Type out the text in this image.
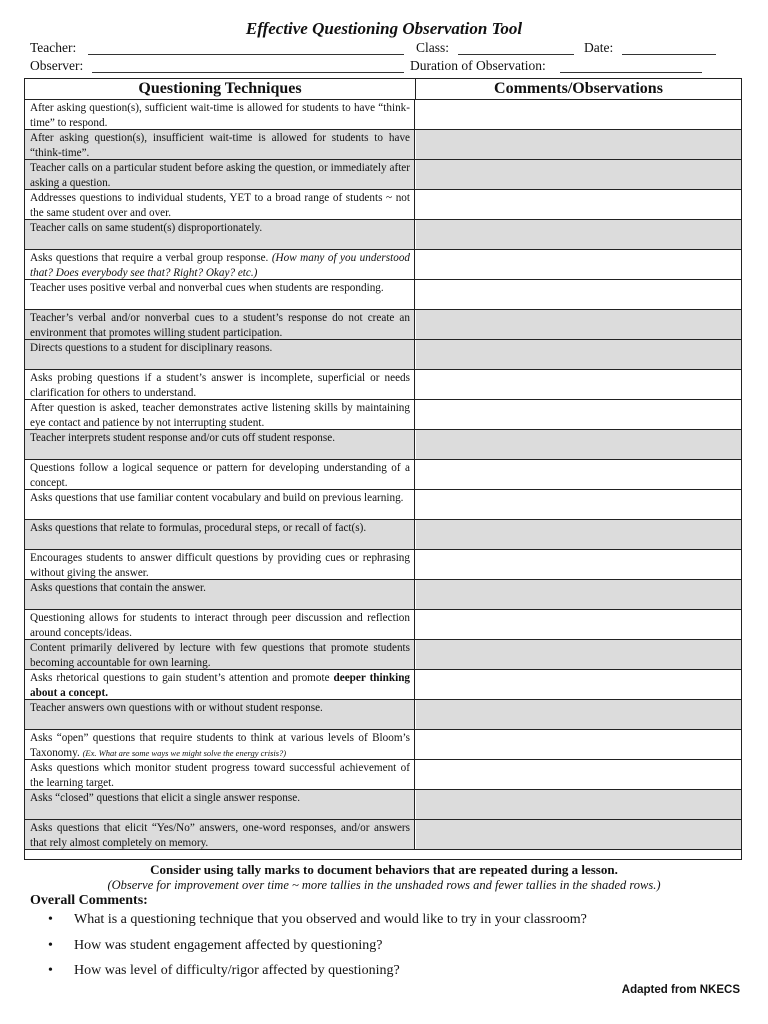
Effective Questioning Observation Tool
Teacher:	Class:	Date:
Observer:	Duration of Observation:
Questioning Techniques	Comments/Observations
After asking question(s), sufficient wait-time is allowed for students to have “think-time” to respond.
After asking question(s), insufficient wait-time is allowed for students to have “think-time”.
Teacher calls on a particular student before asking the question, or immediately after asking a question.
Addresses questions to individual students, YET to a broad range of students ~ not the same student over and over.
Teacher calls on same student(s) disproportionately.
Asks questions that require a verbal group response. (How many of you understood that? Does everybody see that? Right? Okay? etc.)
Teacher uses positive verbal and nonverbal cues when students are responding.
Teacher’s verbal and/or nonverbal cues to a student’s response do not create an environment that promotes willing student participation.
Directs questions to a student for disciplinary reasons.
Asks probing questions if a student’s answer is incomplete, superficial or needs clarification for others to understand.
After question is asked, teacher demonstrates active listening skills by maintaining eye contact and patience by not interrupting student.
Teacher interprets student response and/or cuts off student response.
Questions follow a logical sequence or pattern for developing understanding of a concept.
Asks questions that use familiar content vocabulary and build on previous learning.
Asks questions that relate to formulas, procedural steps, or recall of fact(s).
Encourages students to answer difficult questions by providing cues or rephrasing without giving the answer.
Asks questions that contain the answer.
Questioning allows for students to interact through peer discussion and reflection around concepts/ideas.
Content primarily delivered by lecture with few questions that promote students becoming accountable for own learning.
Asks rhetorical questions to gain student’s attention and promote deeper thinking about a concept.
Teacher answers own questions with or without student response.
Asks “open” questions that require students to think at various levels of Bloom’s Taxonomy. (Ex. What are some ways we might solve the energy crisis?)
Asks questions which monitor student progress toward successful achievement of the learning target.
Asks “closed” questions that elicit a single answer response.
Asks questions that elicit “Yes/No” answers, one-word responses, and/or answers that rely almost completely on memory.
Consider using tally marks to document behaviors that are repeated during a lesson.
(Observe for improvement over time ~ more tallies in the unshaded rows and fewer tallies in the shaded rows.)
Overall Comments:
• What is a questioning technique that you observed and would like to try in your classroom?
• How was student engagement affected by questioning?
• How was level of difficulty/rigor affected by questioning?
Adapted from NKECS
